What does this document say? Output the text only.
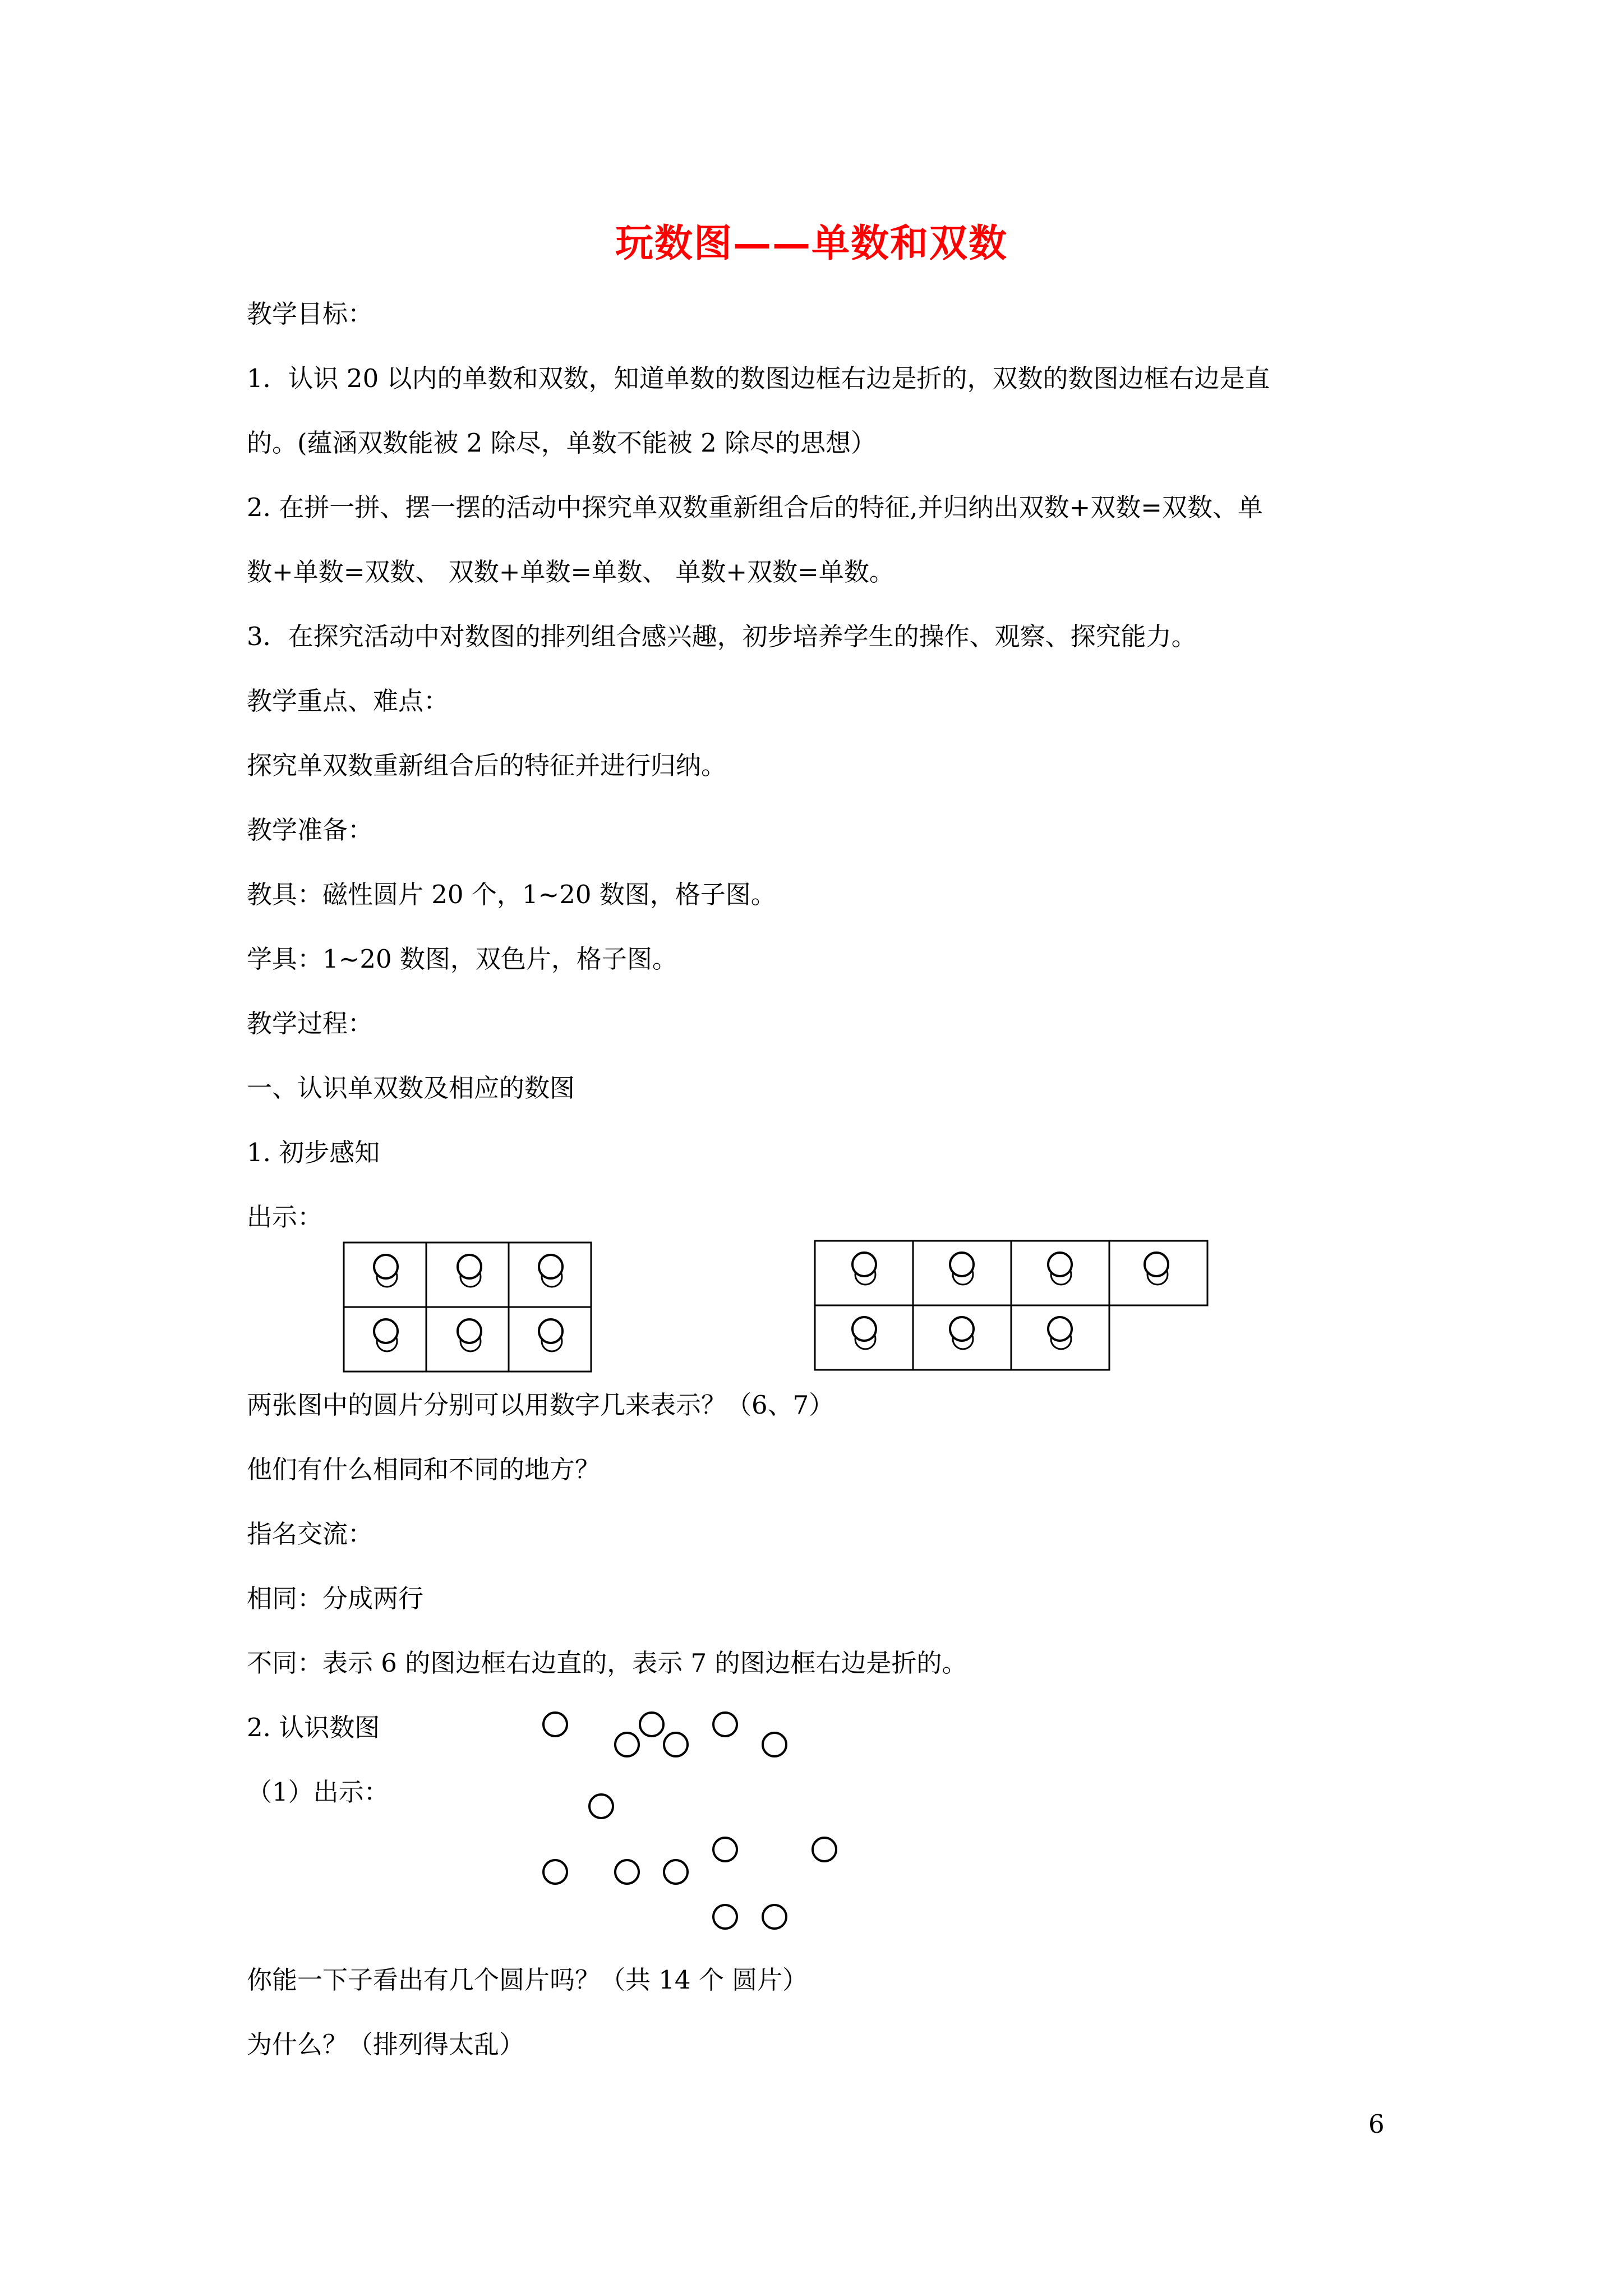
玩数图——单数和双数
教学目标：
1．认识 20 以内的单数和双数，知道单数的数图边框右边是折的，双数的数图边框右边是直
的。(蕴涵双数能被 2 除尽，单数不能被 2 除尽的思想）
2. 在拼一拼、摆一摆的活动中探究单双数重新组合后的特征,并归纳出双数+双数=双数、单
数+单数=双数、 双数+单数=单数、 单数+双数=单数。
3．在探究活动中对数图的排列组合感兴趣，初步培养学生的操作、观察、探究能力。
教学重点、难点：
探究单双数重新组合后的特征并进行归纳。
教学准备：
教具：磁性圆片 20 个，1~20 数图，格子图。
学具：1~20 数图，双色片，格子图。
教学过程：
一、认识单双数及相应的数图
1. 初步感知
出示：
两张图中的圆片分别可以用数字几来表示？（6、7）
他们有什么相同和不同的地方？
指名交流：
相同：分成两行
不同：表示 6 的图边框右边直的，表示 7 的图边框右边是折的。
2. 认识数图
（1）出示：
你能一下子看出有几个圆片吗？（共 14 个 圆片）
为什么？（排列得太乱）
6
